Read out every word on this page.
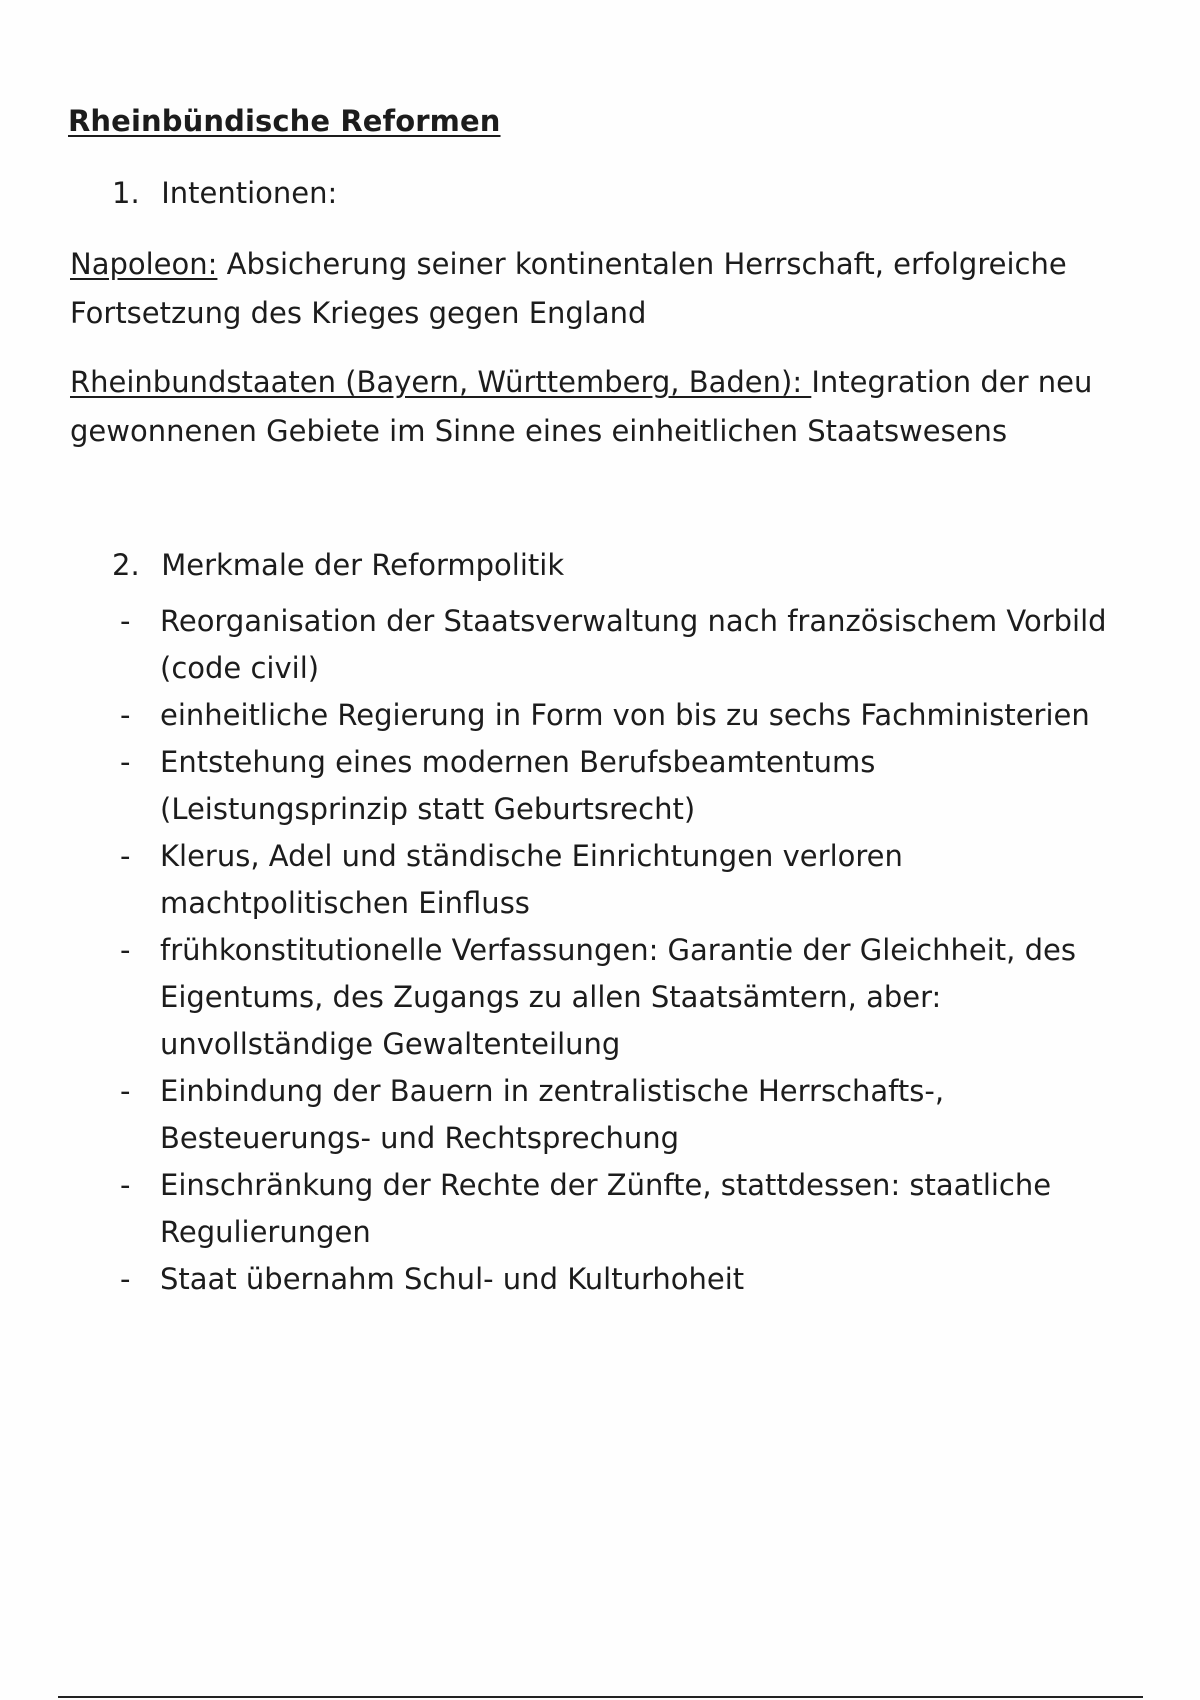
Rheinbündische Reformen
1. Intentionen:

Napoleon: Absicherung seiner kontinentalen Herrschaft, erfolgreiche Fortsetzung des Krieges gegen England

Rheinbundstaaten (Bayern, Württemberg, Baden): Integration der neu gewonnenen Gebiete im Sinne eines einheitlichen Staatswesens

2. Merkmale der Reformpolitik
- Reorganisation der Staatsverwaltung nach französischem Vorbild (code civil)
- einheitliche Regierung in Form von bis zu sechs Fachministerien
- Entstehung eines modernen Berufsbeamtentums (Leistungsprinzip statt Geburtsrecht)
- Klerus, Adel und ständische Einrichtungen verloren machtpolitischen Einfluss
- frühkonstitutionelle Verfassungen: Garantie der Gleichheit, des Eigentums, des Zugangs zu allen Staatsämtern, aber: unvollständige Gewaltenteilung
- Einbindung der Bauern in zentralistische Herrschafts-, Besteuerungs- und Rechtsprechung
- Einschränkung der Rechte der Zünfte, stattdessen: staatliche Regulierungen
- Staat übernahm Schul- und Kulturhoheit
